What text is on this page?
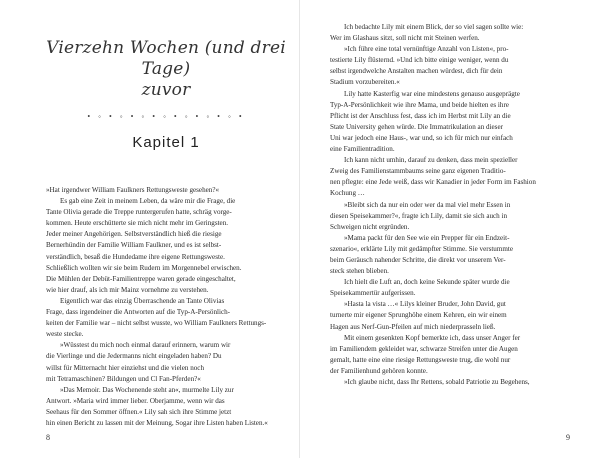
Vierzehn Wochen (und drei Tage)
zuvor
• ◦ • ◦ • ◦ • ◦ • ◦ • ◦ • ◦ •
Kapitel 1
»Hat irgendwer William Faulkners Rettungsweste gesehen?«
Es gab eine Zeit in meinem Leben, da wäre mir die Frage, die
Tante Olivia gerade die Treppe runtergerufen hatte, schräg vorge-
kommen. Heute erschütterte sie mich nicht mehr im Geringsten.
Jeder meiner Angehörigen. Selbstverständlich hieß die riesige
Bernerhündin der Familie William Faulkner, und es ist selbst-
verständlich, besaß die Hundedame ihre eigene Rettungsweste.
Schließlich wollten wir sie beim Rudern im Morgennebel erwischen.
Die Mühlen der Debüt-Familientreppe waren gerade eingeschaltet,
wie hier drauf, als ich mir Mainz vornehme zu verstehen.
Eigentlich war das einzig Überraschende an Tante Olivias
Frage, dass irgendeiner die Antworten auf die Typ-A-Persönlich-
keiten der Familie war – nicht selbst wusste, wo William Faulkners Rettungs-
weste stecke.
»Wüsstest du mich noch einmal darauf erinnern, warum wir
die Vierlinge und die Jedermanns nicht eingeladen haben? Du
willst für Mitternacht hier einziehst und die vielen noch
mit Tetramaschinen? Bildungen und Cl Fan-Pferden?«
»Das Memoir. Das Wochenende steht an«, murmelte Lily zur
Antwort. »Maria wird immer lieber. Oberjamme, wenn wir das
Seehaus für den Sommer öffnen.« Lily sah sich ihre Stimme jetzt
hin einen Bericht zu lassen mit der Meinung, Sogar ihre Listen haben Listen.«
8
Ich bedachte Lily mit einem Blick, der so viel sagen sollte wie:
Wer im Glashaus sitzt, soll nicht mit Steinen werfen.
»Ich führe eine total vernünftige Anzahl von Listen«, pro-
testierte Lily flüsternd. »Und ich bitte einige weniger, wenn du
selbst irgendwelche Anstalten machen würdest, dich für dein
Stadium vorzubereiten.«
Lily hatte Kasterfig war eine mindestens genauso ausgeprägte
Typ-A-Persönlichkeit wie ihre Mama, und beide hielten es ihre
Pflicht ist der Anschluss fest, dass ich im Herbst mit Lily an die
State University gehen würde. Die Immatrikulation an dieser
Uni war jedoch eine Haus-, war und, so ich für mich nur einfach
eine Familientradition.
Ich kann nicht umhin, darauf zu denken, dass mein spezieller
Zweig des Familienstammbaums seine ganz eigenen Traditio-
nen pflegte: eine Jede weiß, dass wir Kanadier in jeder Form im Fashion
Kochung …
»Bleibt sich da nur ein oder wer da mal viel mehr Essen in
diesen Speisekammer?«, fragte ich Lily, damit sie sich auch in
Schweigen nicht ergründen.
»Mama packt für den See wie ein Prepper für ein Endzeit-
szenario«, erklärte Lily mit gedämpfter Stimme. Sie verstummte
beim Geräusch nahender Schritte, die direkt vor unserem Ver-
steck stehen blieben.
Ich hielt die Luft an, doch keine Sekunde später wurde die
Speisekammertür aufgerissen.
»Hasta la vista …« Lilys kleiner Bruder, John David, gut
turnerte mir eigener Sprunghöhe einem Kehren, ein wir einem
Hagen aus Nerf-Gun-Pfeilen auf mich niederprasseln ließ.
Mit einem gesenkten Kopf bemerkte ich, dass unser Anger fer
im Familiendem gekleidet war, schwarze Streifen unter die Augen
gemalt, hatte eine eine riesige Rettungsweste trug, die wohl nur
der Familienhund gehören konnte.
»Ich glaube nicht, dass Ihr Rettens, sobald Patriotie zu Begehens,
9
